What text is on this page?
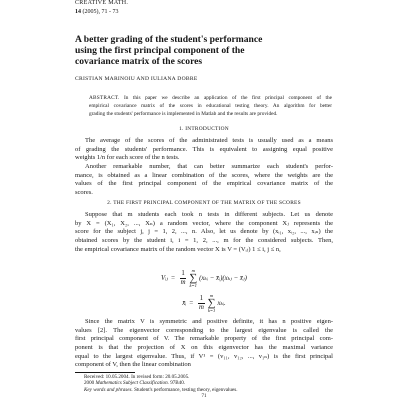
CREATIVE MATH.
14 (2005), 71 - 73
A better grading of the student's performance
using the first principal component of the
covariance matrix of the scores
CRISTIAN MARINOIU AND IULIANA DOBRE
ABSTRACT. In this paper we describe an application of the first principal component of the
empirical covariance matrix of the scores in educational testing theory. An algorithm for better
grading the students' performance is implemented in Matlab and the results are provided.
1. INTRODUCTION
The average of the scores of the administrated tests is usually used as a means
of grading the students' performance. This is equivalent to assigning equal positive
weights 1/n for each score of the n tests.
Another remarkable number, that can better summarize each student's perfor-
mance, is obtained as a linear combination of the scores, where the weights are the
values of the first principal component of the empirical covariance matrix of the
scores.
2. THE FIRST PRINCIPAL COMPONENT OF THE MATRIX OF THE SCORES
Suppose that m students each took n tests in different subjects. Let us denote
by X = (X₁, X₂, ..., Xₙ) a random vector, where the component Xⱼ represents the
score for the subject j, j = 1, 2, ..., n. Also, let us denote by (xᵢ₁, xᵢ₂, ..., xᵢₙ) the
obtained scores by the student i, i = 1, 2, ..., m for the considered subjects. Then,
the empirical covariance matrix of the random vector X is V = (Vᵢⱼ) 1 ≤ i, j ≤ n,
Vᵢⱼ = $\frac{1}{m}$ m
∑
k=1
(xₖᵢ − x̄ᵢ)(xₖⱼ − x̄ⱼ)
x̄ᵢ = $\frac{1}{m}$ m
∑
k=1
xₖᵢ.
Since the matrix V is symmetric and positive definite, it has n positive eigen-
values [2]. The eigenvector corresponding to the largest eigenvalue is called the
first principal component of V. The remarkable property of the first principal com-
ponent is that the projection of X on this eigenvector has the maximal variance
equal to the largest eigenvalue. Thus, if V¹ = (v₁₁, v₁₂, ..., v₁ₙ) is the first principal
component of V, then the linear combination
Received: 10.05.2004. In revised form: 20.05.2005.
2000 Mathematics Subject Classification. 97B40.
Key words and phrases. Student's performance, testing theory, eigenvalues.
71
